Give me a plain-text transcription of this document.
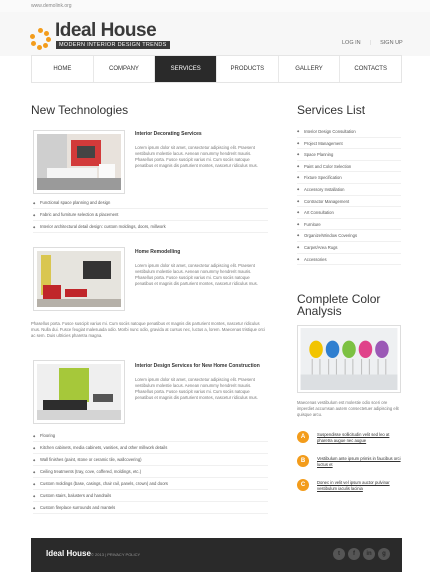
www.demolink.org
Ideal House
MODERN INTERIOR DESIGN TRENDS	LOG IN | SIGN UP
HOME	COMPANY	SERVICES	PRODUCTS	GALLERY	CONTACTS
New Technologies
Interior Decorating Services
Lorem ipsum dolor sit amet, consectetur adipiscing elit. Praesent vestibulum molestie lacus. Aenean nonummy hendrerit mauris. Phasellus porta. Fusce suscipit varius mi. Cum sociis natoque penatibus et magnis dis parturient montes, nascetur ridiculus mus.
◆ Functional space planning and design
◆ Fabric and furniture selection & placement
◆ Interior architectural detail design: custom moldings, doors, millwork
Home Remodelling
Lorem ipsum dolor sit amet, consectetur adipiscing elit. Praesent vestibulum molestie lacus. Aenean nonummy hendrerit mauris. Phasellus porta. Fusce suscipit varius mi. Cum sociis natoque penatibus et magnis dis parturient montes, nascetur ridiculus mus.
Phasellus porta. Fusce suscipit varius mi. Cum sociis natoque penatibus et magnis dis parturient montes, nascetur ridiculus mus. Nulla dui. Fusce feugiat malesuada odio. Morbi nunc odio, gravida at cursus nec, luctus a, lorem. Maecenas tristique orci ac sem. Duis ultricies pharetra magna.
Interior Design Services for New Home Construction
Lorem ipsum dolor sit amet, consectetur adipiscing elit. Praesent vestibulum molestie lacus. Aenean nonummy hendrerit mauris. Phasellus porta. Fusce suscipit varius mi. Cum sociis natoque penatibus et magnis dis parturient montes, nascetur ridiculus mus.
◆ Flooring
◆ Kitchen cabinets, media cabinets, vanities, and other millwork details
◆ Wall finishes (paint, stone or ceramic tile, wallcovering)
◆ Ceiling treatments (tray, cove, coffered, moldings, etc.)
◆ Custom moldings (base, casings, chair rail, panels, crown) and doors
◆ Custom stairs, balusters and handrails
◆ Custom fireplace surrounds and mantels
Services List
◆ Interior Design Consultation
◆ Project Management
◆ Space Planning
◆ Paint and Color Selection
◆ Fixture Specification
◆ Accessory Installation
◆ Contractor Management
◆ Art Consultation
◆ Furniture
◆ Organize/Window Coverings
◆ Carpet/Area Rugs
◆ Accessories
Complete Color Analysis
Maecenas vestibulum est molestie odio sceri ore imperdiet accumsan autem consectetuer adipiscing elit quisque arcu.
A	Suspendisse sollicitudin velit sed leo at pharetra augue nec augue
B	Vestibulum ante ipsum primis in faucibus orci luctus et
C	Donec in velit vel ipsum auctor pulvinar vestibulum iaculis lacinia
Ideal House © 2013 | PRIVACY POLICY	t	f	in	g
